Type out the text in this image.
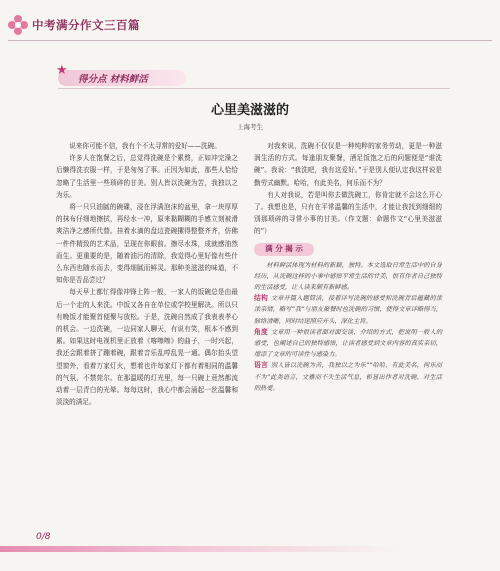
中考满分作文三百篇
得分点 材料鲜活
★
心里美滋滋的
上海考生

说来你可能不信，我有个不太寻常的爱好——洗碗。

许多人在饱餐之后，总觉得洗碗是个累赘，正如冲完澡之后懒得洗衣服一样，于是匆匆了事。正因为如此，那些人恰恰忽略了生活里一些琐碎的甘美。别人皆以洗碗为苦，我独以之为乐。

将一只只油腻的碗碟，浸在浮满泡沫的盆里，拿一块厚厚的抹布仔细地擦拭，再经水一冲，原来黏糊糊的手感立刻被滑爽洁净之感所代替。挂着水滴的盘边瓷碗摞得整整齐齐，仿佛一件件精致的艺术品，呈现在你眼前。擦尽水珠，成就感油然而生。更重要的是，随着油污的清除，我觉得心里好像有些什么东西也随水而去，变得细腻而鲜灵。那种美滋滋的味道，不知你是否品尝过？

每天早上都忙得像冲锋上阵一般，一家人的饭碗总是由最后一个走的人来洗。中饭又各自在单位或学校里解决。所以只有晚饭才能聚首便聚与放松。于是，洗碗自然成了我表表孝心的机会。一边洗碗，一边同家人聊天，有说有笑，根本不感到累。如果这时电视机里正放着《喀嚓嚓》的曲子，一时兴起，我还会跟着挤了蹦着碗，跟着音乐乱哼乱晃一通。偶尔抬头望望窗外，看着万家灯火，想着也许每家灯下都有着相同的温馨的气氛，不禁莞尔。在那温暖的灯光里，每一只碗上竟然都流动着一层青白的光晕。每每这时，我心中都会涌起一丝温馨和淡淡的满足。

对我来说，洗碗不仅仅是一种纯粹的家务劳动，更是一种滋润生活的方式。每逢朋友聚餐，酒足饭饱之后的问题便是“谁洗碗”。我说：“我洗吧，我有这爱好。”于是别人便认定我这样说是勤劳式幽默。哈哈，有此美名，何乐而不为？

有人对我说，若是叫你去做洗碗工，你肯定就不会这么开心了。我想也是，只有在平常温馨的生活中，才能让我找到细细的别那琐碎的寻常小事的甘美。（作文题：命题作文“心里美滋滋的”）

满 分 揭 示

材料鲜活体现为材料的新颖，独特。本文选取日常生活中的自身经历，从洗碗这样的小事中感悟平常生活的甘美，很有作者自己独特的生活感受，让人读来颇有新鲜感。

结构 文章开篇入题简洁，接着详写洗碗的感受和洗碗背后蕴藏的浓浓亲情，略写“我”与朋友聚餐时也洗碗的习惯，使得文章详略得当，脉络清晰，同时结尾照应开头，深化主旨。

角度 文章用一种很读者面对面交谈、介绍的方式，把说明一般人的感受，也阐述自己的独特感悟，让读者感受到文章内容的真实亲切，增添了文章的可读性与感染力。

语言 别人皆以洗碗为苦，我独以之为乐”“哈哈，有此美名，何乐而不为”此类语言，文雅而不失生活气息，彰显出作者对洗碗、对生活的热爱。

0/8
